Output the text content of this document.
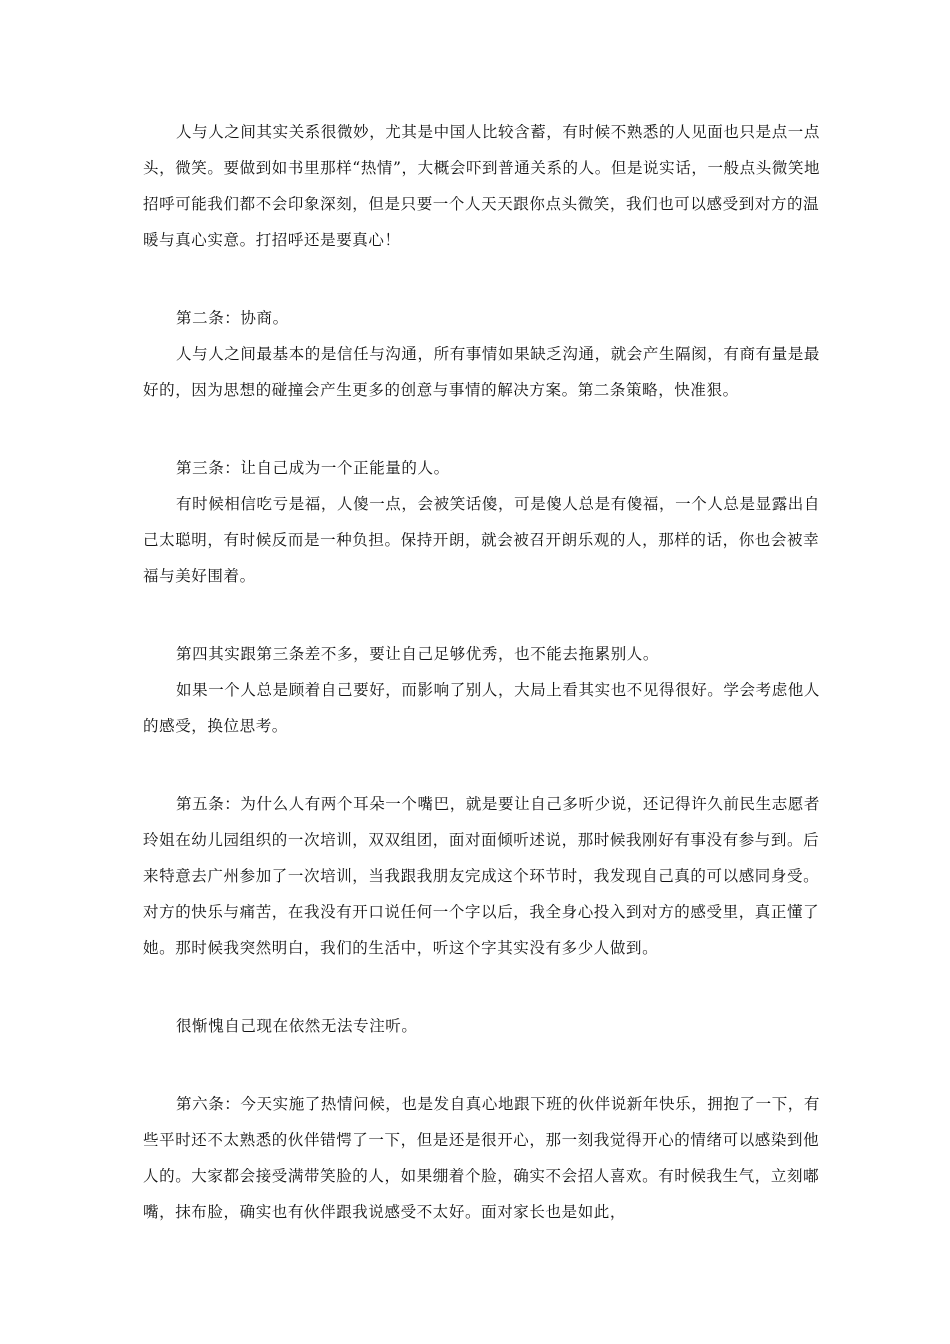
人与人之间其实关系很微妙，尤其是中国人比较含蓄，有时候不熟悉的人见面也只是点一点头，微笑。要做到如书里那样“热情”，大概会吓到普通关系的人。但是说实话，一般点头微笑地招呼可能我们都不会印象深刻，但是只要一个人天天跟你点头微笑，我们也可以感受到对方的温暖与真心实意。打招呼还是要真心！

第二条：协商。

人与人之间最基本的是信任与沟通，所有事情如果缺乏沟通，就会产生隔阂，有商有量是最好的，因为思想的碰撞会产生更多的创意与事情的解决方案。第二条策略，快准狠。

第三条：让自己成为一个正能量的人。

有时候相信吃亏是福，人傻一点，会被笑话傻，可是傻人总是有傻福，一个人总是显露出自己太聪明，有时候反而是一种负担。保持开朗，就会被召开朗乐观的人，那样的话，你也会被幸福与美好围着。

第四其实跟第三条差不多，要让自己足够优秀，也不能去拖累别人。

如果一个人总是顾着自己要好，而影响了别人，大局上看其实也不见得很好。学会考虑他人的感受，换位思考。

第五条：为什么人有两个耳朵一个嘴巴，就是要让自己多听少说，还记得许久前民生志愿者玲姐在幼儿园组织的一次培训，双双组团，面对面倾听述说，那时候我刚好有事没有参与到。后来特意去广州参加了一次培训，当我跟我朋友完成这个环节时，我发现自己真的可以感同身受。对方的快乐与痛苦，在我没有开口说任何一个字以后，我全身心投入到对方的感受里，真正懂了她。那时候我突然明白，我们的生活中，听这个字其实没有多少人做到。

很惭愧自己现在依然无法专注听。

第六条：今天实施了热情问候，也是发自真心地跟下班的伙伴说新年快乐，拥抱了一下，有些平时还不太熟悉的伙伴错愕了一下，但是还是很开心，那一刻我觉得开心的情绪可以感染到他人的。大家都会接受满带笑脸的人，如果绷着个脸，确实不会招人喜欢。有时候我生气，立刻嘟嘴，抹布脸，确实也有伙伴跟我说感受不太好。面对家长也是如此，
